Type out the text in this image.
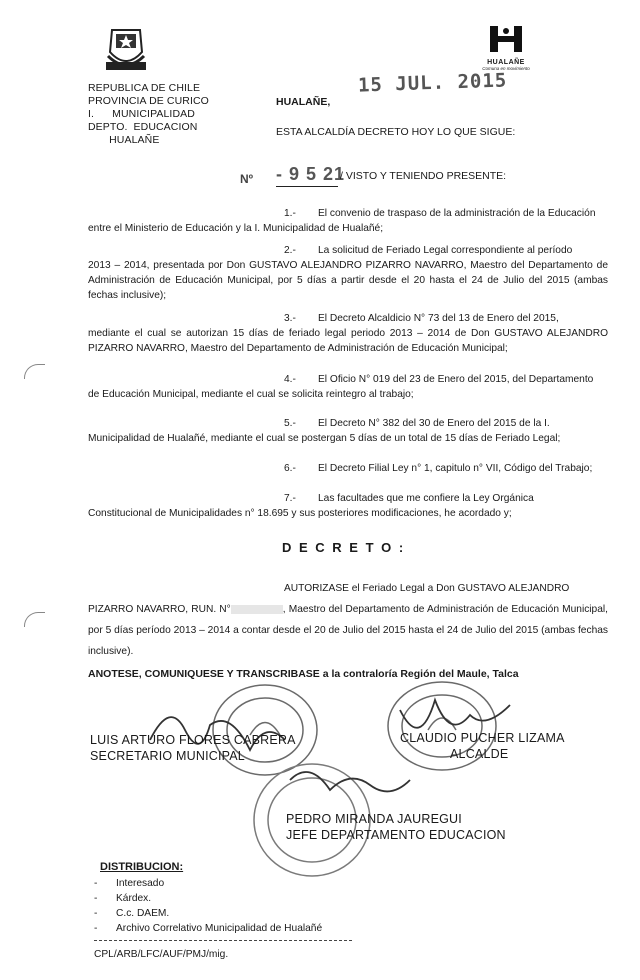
REPUBLICA DE CHILE
PROVINCIA DE CURICO
I.      MUNICIPALIDAD
DEPTO.  EDUCACION
HUALAÑE
HUALAÑE
Comuna en movimiento
15 JUL. 2015
HUALAÑE,
ESTA ALCALDÍA DECRETO HOY LO QUE SIGUE:
Nº - 9 5 21
/ VISTO Y TENIENDO PRESENTE:
1.- El convenio de traspaso de la administración de la Educación
entre el Ministerio de Educación y la I. Municipalidad de Hualañé;
2.- La solicitud de Feriado Legal correspondiente al período
2013 – 2014, presentada por Don GUSTAVO ALEJANDRO PIZARRO NAVARRO, Maestro del Departamento de Administración de Educación Municipal, por 5 días a partir desde el 20 hasta el 24 de Julio del 2015 (ambas fechas inclusive);
3.- El Decreto Alcaldicio N° 73 del 13 de Enero del 2015,
mediante el cual se autorizan 15 días de feriado legal periodo 2013 – 2014 de Don GUSTAVO ALEJANDRO PIZARRO NAVARRO, Maestro del Departamento de Administración de Educación Municipal;
4.- El Oficio N° 019 del 23 de Enero del 2015, del Departamento
de Educación Municipal, mediante el cual se solicita reintegro al trabajo;
5.- El Decreto N° 382 del 30 de Enero del 2015 de la I.
Municipalidad de Hualañé, mediante el cual se postergan 5 días de un total de 15 días de Feriado Legal;
6.- El Decreto Filial Ley n° 1, capitulo n° VII, Código del Trabajo;
7.- Las facultades que me confiere la Ley Orgánica
Constitucional de Municipalidades n° 18.695 y sus posteriores modificaciones, he acordado y;
D E C R E T O :
AUTORIZASE el Feriado Legal a Don GUSTAVO ALEJANDRO
PIZARRO NAVARRO, RUN. N°	, Maestro del Departamento de Administración de Educación Municipal, por 5 días período 2013 – 2014 a contar desde el 20 de Julio del 2015 hasta el 24 de Julio del 2015 (ambas fechas inclusive).
ANOTESE, COMUNIQUESE Y TRANSCRIBASE a la contraloría Región del Maule, Talca
LUIS ARTURO FLORES CABRERA
SECRETARIO MUNICIPAL
CLAUDIO PUCHER LIZAMA
ALCALDE
PEDRO MIRANDA JAUREGUI
JEFE DEPARTAMENTO EDUCACION
DISTRIBUCION:
- Interesado
- Kárdex.
- C.c. DAEM.
- Archivo Correlativo Municipalidad de Hualañé
CPL/ARB/LFC/AUF/PMJ/mig.
